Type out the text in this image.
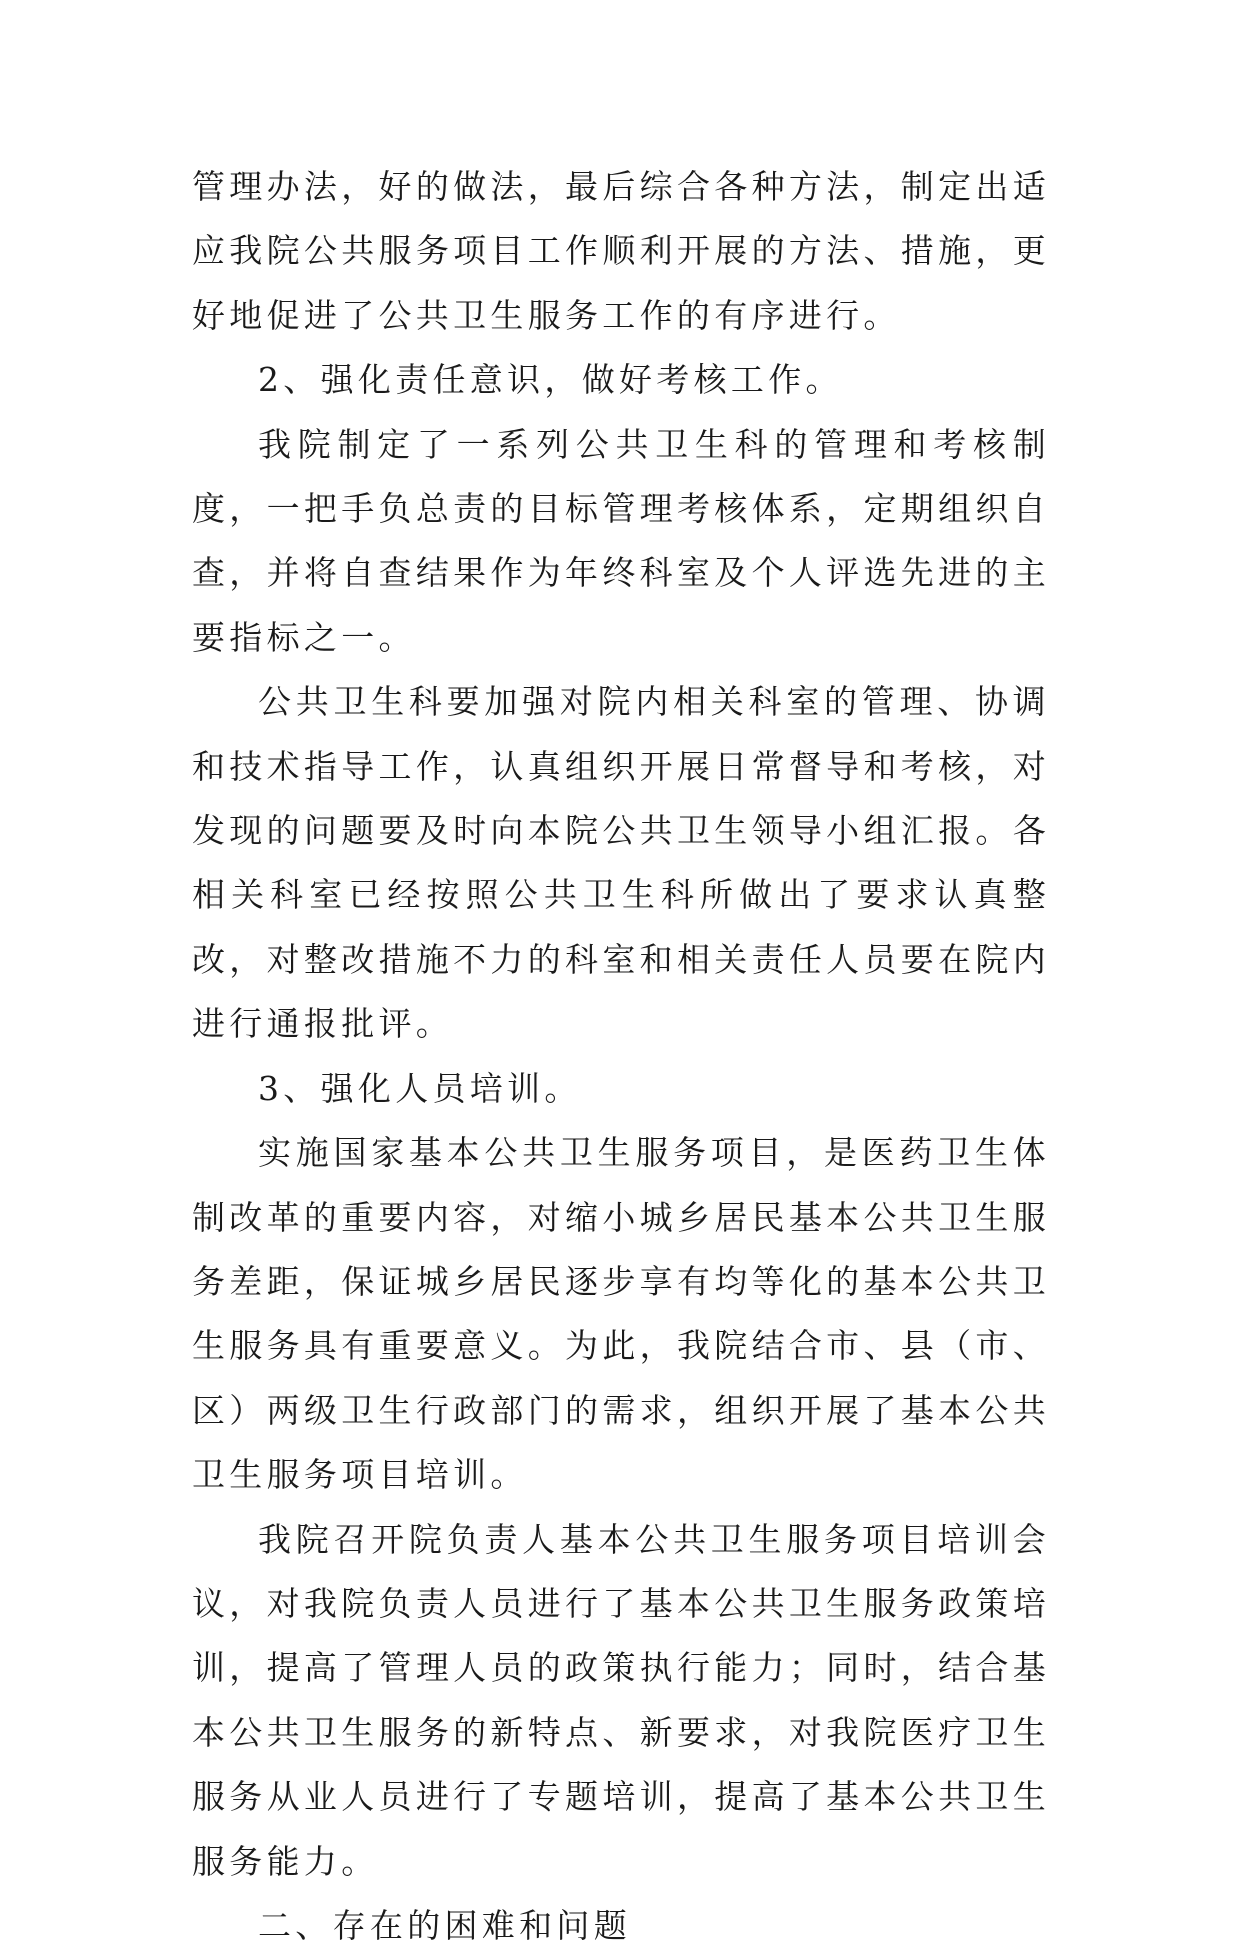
管理办法，好的做法，最后综合各种方法，制定出适应我院公共服务项目工作顺利开展的方法、措施，更好地促进了公共卫生服务工作的有序进行。

2、强化责任意识，做好考核工作。

我院制定了一系列公共卫生科的管理和考核制度，一把手负总责的目标管理考核体系，定期组织自查，并将自查结果作为年终科室及个人评选先进的主要指标之一。

公共卫生科要加强对院内相关科室的管理、协调和技术指导工作，认真组织开展日常督导和考核，对发现的问题要及时向本院公共卫生领导小组汇报。各相关科室已经按照公共卫生科所做出了要求认真整改，对整改措施不力的科室和相关责任人员要在院内进行通报批评。

3、强化人员培训。

实施国家基本公共卫生服务项目，是医药卫生体制改革的重要内容，对缩小城乡居民基本公共卫生服务差距，保证城乡居民逐步享有均等化的基本公共卫生服务具有重要意义。为此，我院结合市、县（市、区）两级卫生行政部门的需求，组织开展了基本公共卫生服务项目培训。

我院召开院负责人基本公共卫生服务项目培训会议，对我院负责人员进行了基本公共卫生服务政策培训，提高了管理人员的政策执行能力；同时，结合基本公共卫生服务的新特点、新要求，对我院医疗卫生服务从业人员进行了专题培训，提高了基本公共卫生服务能力。

二、存在的困难和问题
